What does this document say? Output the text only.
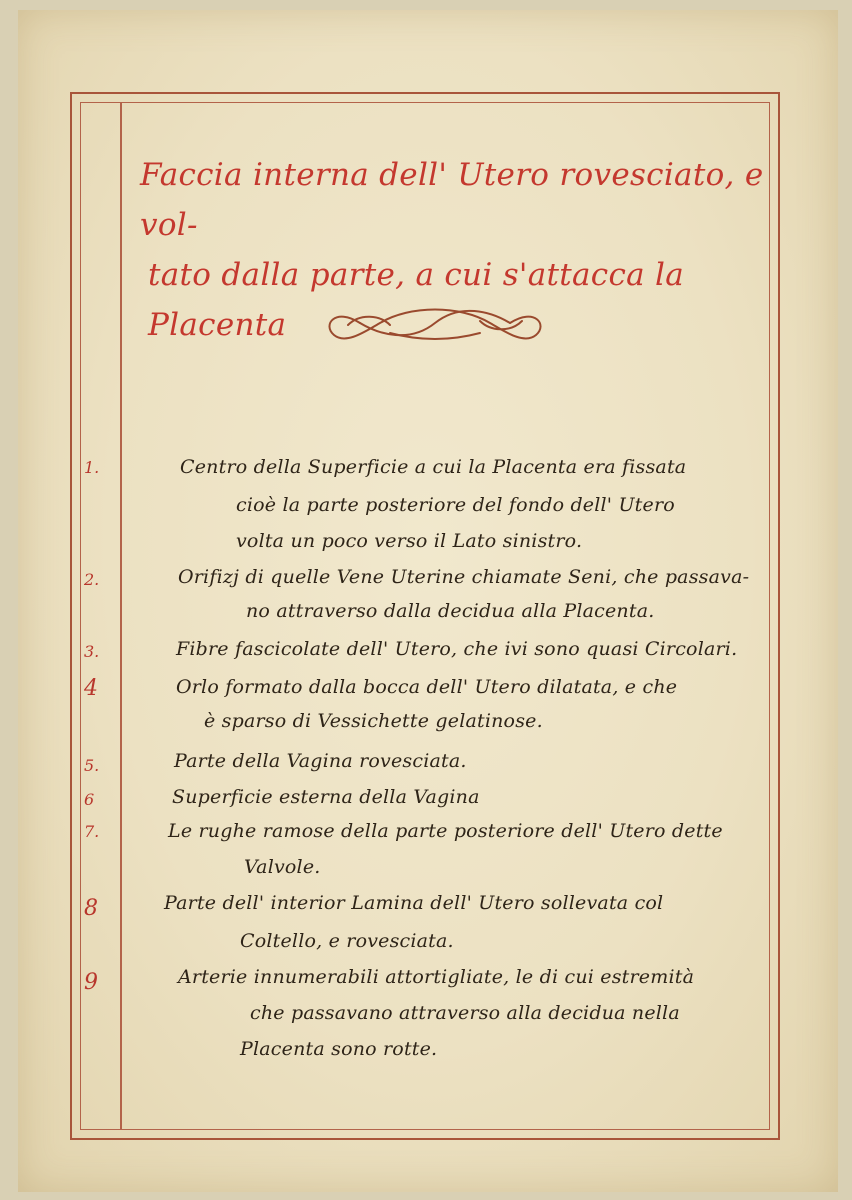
Faccia interna dell' Utero rovesciato, e vol-
tato dalla parte, a cui s'attacca la Placenta
1.	Centro della Superficie a cui la Placenta era fissata
cioè la parte posteriore del fondo dell' Utero
volta un poco verso il Lato sinistro.
2.	Orifizj di quelle Vene Uterine chiamate Seni, che passava-
no attraverso dalla decidua alla Placenta.
3.	Fibre fascicolate dell' Utero, che ivi sono quasi Circolari.
4	Orlo formato dalla bocca dell' Utero dilatata, e che
è sparso di Vessichette gelatinose.
5.	Parte della Vagina rovesciata.
6	Superficie esterna della Vagina
7.	Le rughe ramose della parte posteriore dell' Utero dette
Valvole.
8	Parte dell' interior Lamina dell' Utero sollevata col
Coltello, e rovesciata.
9	Arterie innumerabili attortigliate, le di cui estremità
che passavano attraverso alla decidua nella
Placenta sono rotte.
